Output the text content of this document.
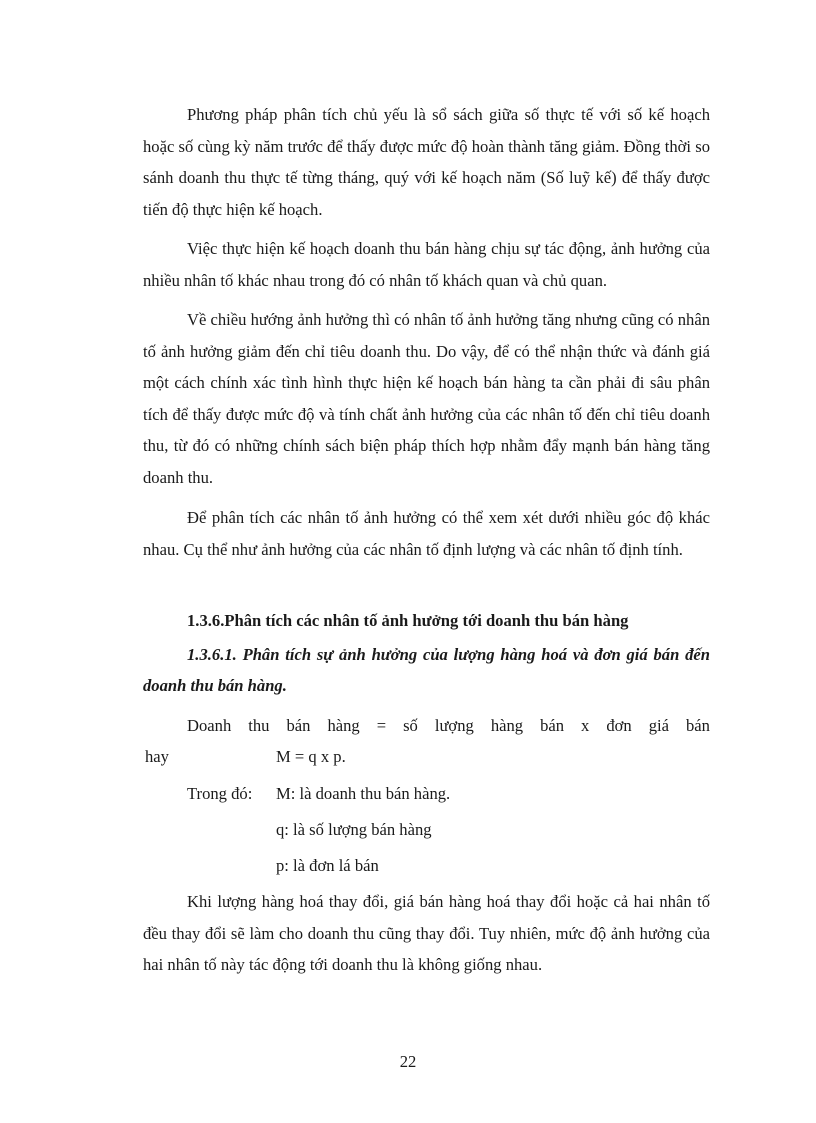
Phương pháp phân tích chủ yếu là sổ sách giữa số thực tế với số kế hoạch hoặc số cùng kỳ năm trước để thấy được mức độ hoàn thành tăng giảm. Đồng thời so sánh doanh thu thực tế từng tháng, quý với kế hoạch năm (Số luỹ kế) để thấy được tiến độ thực hiện kế hoạch.

Việc thực hiện kế hoạch doanh thu bán hàng chịu sự tác động, ảnh hưởng của nhiều nhân tố khác nhau trong đó có nhân tố khách quan và chủ quan.

Về chiều hướng ảnh hưởng thì có nhân tố ảnh hưởng tăng nhưng cũng có nhân tố ảnh hưởng giảm đến chỉ tiêu doanh thu. Do vậy, để có thể nhận thức và đánh giá một cách chính xác tình hình thực hiện kế hoạch bán hàng ta cần phải đi sâu phân tích để thấy được mức độ và tính chất ảnh hưởng của các nhân tố đến chỉ tiêu doanh thu, từ đó có những chính sách biện pháp thích hợp nhằm đẩy mạnh bán hàng tăng doanh thu.

Để phân tích các nhân tố ảnh hưởng có thể xem xét dưới nhiều góc độ khác nhau. Cụ thể như ảnh hưởng của các nhân tố định lượng và các nhân tố định tính.

1.3.6.Phân tích các nhân tố ảnh hưởng tới doanh thu bán hàng

1.3.6.1. Phân tích sự ảnh hưởng của lượng hàng hoá và đơn giá bán đến doanh thu bán hàng.

Doanh thu bán hàng = số lượng hàng bán x đơn giá bán

hay	M = q x p.

Trong đó: M: là doanh thu bán hàng.

q: là số lượng bán hàng

p: là đơn lá bán

Khi lượng hàng hoá thay đổi, giá bán hàng hoá thay đổi hoặc cả hai nhân tố đều thay đổi sẽ làm cho doanh thu cũng thay đổi. Tuy nhiên, mức độ ảnh hưởng của hai nhân tố này tác động tới doanh thu là không giống nhau.

22
